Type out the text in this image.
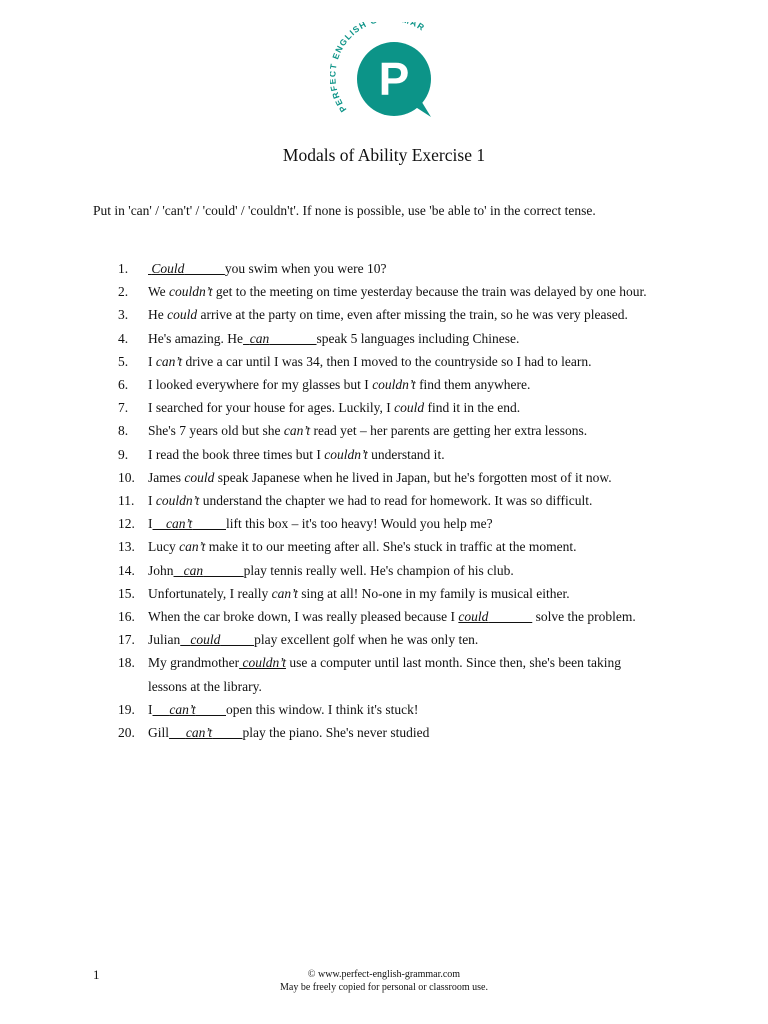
PER ENGLISH AR
P
Modals of Ability Exercise 1
Put in 'can' / 'can't' / 'could' / 'couldn't'. If none is possible, use 'be able to' in the correct tense.
1. Could	you swim when you were 10?
2. We couldn’t get to the meeting on time yesterday because the train was delayed by one hour.
3. He could arrive at the party on time, even after missing the train, so he was very pleased.
4. He's amazing. He can	speak 5 languages including Chinese.
5. I can’t drive a car until I was 34, then I moved to the countryside so I had to learn.
6. I looked everywhere for my glasses but I couldn’t find them anywhere.
7. I searched for your house for ages. Luckily, I could find it in the end.
8. She's 7 years old but she can’t read yet – her parents are getting her extra lessons.
9. I read the book three times but I couldn’t understand it.
10. James could speak Japanese when he lived in Japan, but he's forgotten most of it now.
11. I couldn’t understand the chapter we had to read for homework. It was so difficult.
12. I can’t	lift this box – it's too heavy! Would you help me?
13. Lucy can’t make it to our meeting after all. She's stuck in traffic at the moment.
14. John can	play tennis really well. He's champion of his club.
15. Unfortunately, I really can’t sing at all! No-one in my family is musical either.
16. When the car broke down, I was really pleased because I could	solve the problem.
17. Julian could	play excellent golf when he was only ten.
18. My grandmother couldn’t use a computer until last month. Since then, she's been taking lessons at the library.
19. I can’t open this window. I think it's stuck!
20. Gill can’t play the piano. She's never studied
1	© www.perfect-english-grammar.com
May be freely copied for personal or classroom use.
